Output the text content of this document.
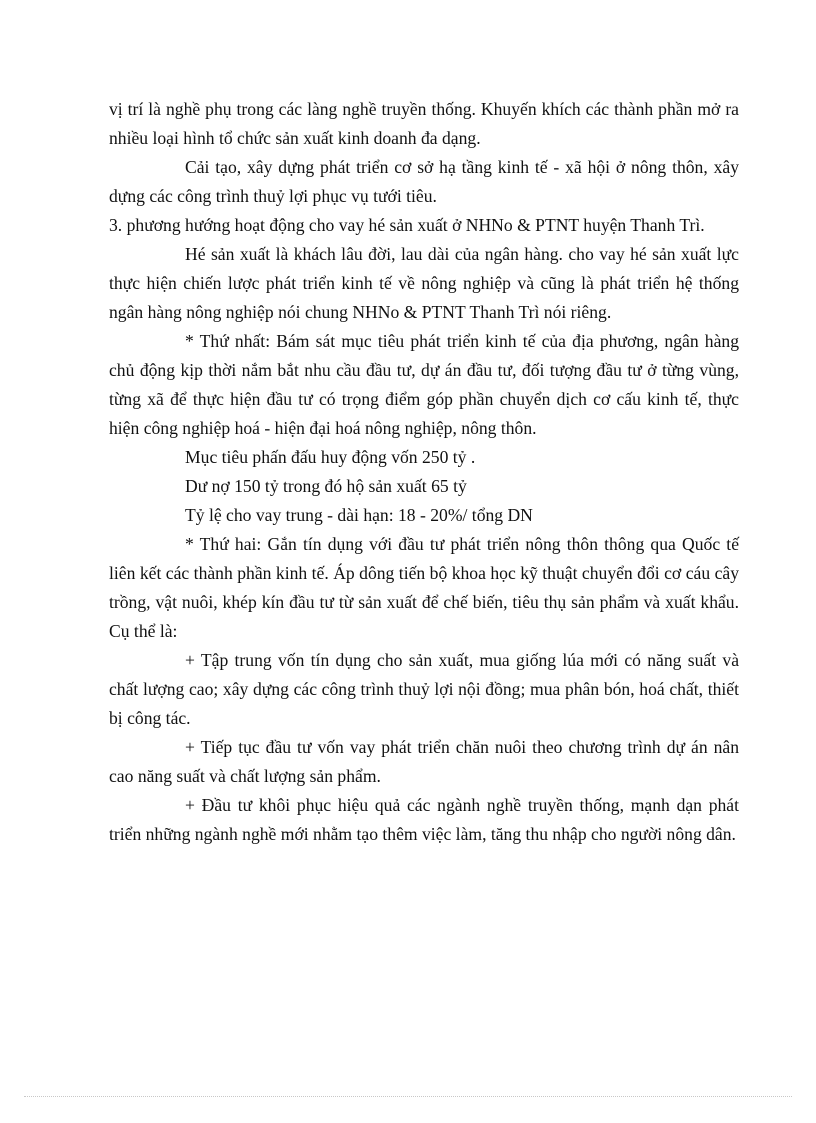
vị trí là nghề phụ trong các làng nghề truyền thống. Khuyến khích các thành phần mở ra nhiều loại hình tổ chức sản xuất kinh doanh đa dạng.

Cải tạo, xây dựng phát triển cơ sở hạ tầng kinh tế - xã hội ở nông thôn, xây dựng các công trình thuỷ lợi phục vụ tưới tiêu.

3. phương hướng hoạt động cho vay hé sản xuất ở NHNo & PTNT huyện Thanh Trì.

Hé sản xuất là khách lâu đời, lau dài của ngân hàng. cho vay hé sản xuất lực thực hiện chiến lược phát triển kinh tế về nông nghiệp và cũng là phát triển hệ thống ngân hàng nông nghiệp nói chung NHNo & PTNT Thanh Trì nói riêng.

* Thứ nhất: Bám sát mục tiêu phát triển kinh tế của địa phương, ngân hàng chủ động kịp thời nắm bắt nhu cầu đầu tư, dự án đầu tư, đối tượng đầu tư ở từng vùng, từng xã để thực hiện đầu tư có trọng điểm góp phần chuyển dịch cơ cấu kinh tế, thực hiện công nghiệp hoá - hiện đại hoá nông nghiệp, nông thôn.

Mục tiêu phấn đấu huy động vốn 250 tỷ .

Dư nợ 150 tỷ trong đó hộ sản xuất 65 tỷ

Tỷ lệ cho vay trung - dài hạn: 18 - 20%/ tổng DN

* Thứ hai: Gắn tín dụng với đầu tư phát triển nông thôn thông qua Quốc tế liên kết các thành phần kinh tế. Áp dông tiến bộ khoa học kỹ thuật chuyển đổi cơ cáu cây trồng, vật nuôi, khép kín đầu tư từ sản xuất để chế biến, tiêu thụ sản phẩm và xuất khẩu. Cụ thể là:

+ Tập trung vốn tín dụng cho sản xuất, mua giống lúa mới có năng suất và chất lượng cao; xây dựng các công trình thuỷ lợi nội đồng; mua phân bón, hoá chất, thiết bị công tác.

+ Tiếp tục đầu tư vốn vay phát triển chăn nuôi theo chương trình dự án nân cao năng suất và chất lượng sản phẩm.

+ Đầu tư khôi phục hiệu quả các ngành nghề truyền thống, mạnh dạn phát triển những ngành nghề mới nhằm tạo thêm việc làm, tăng thu nhập cho người nông dân.
